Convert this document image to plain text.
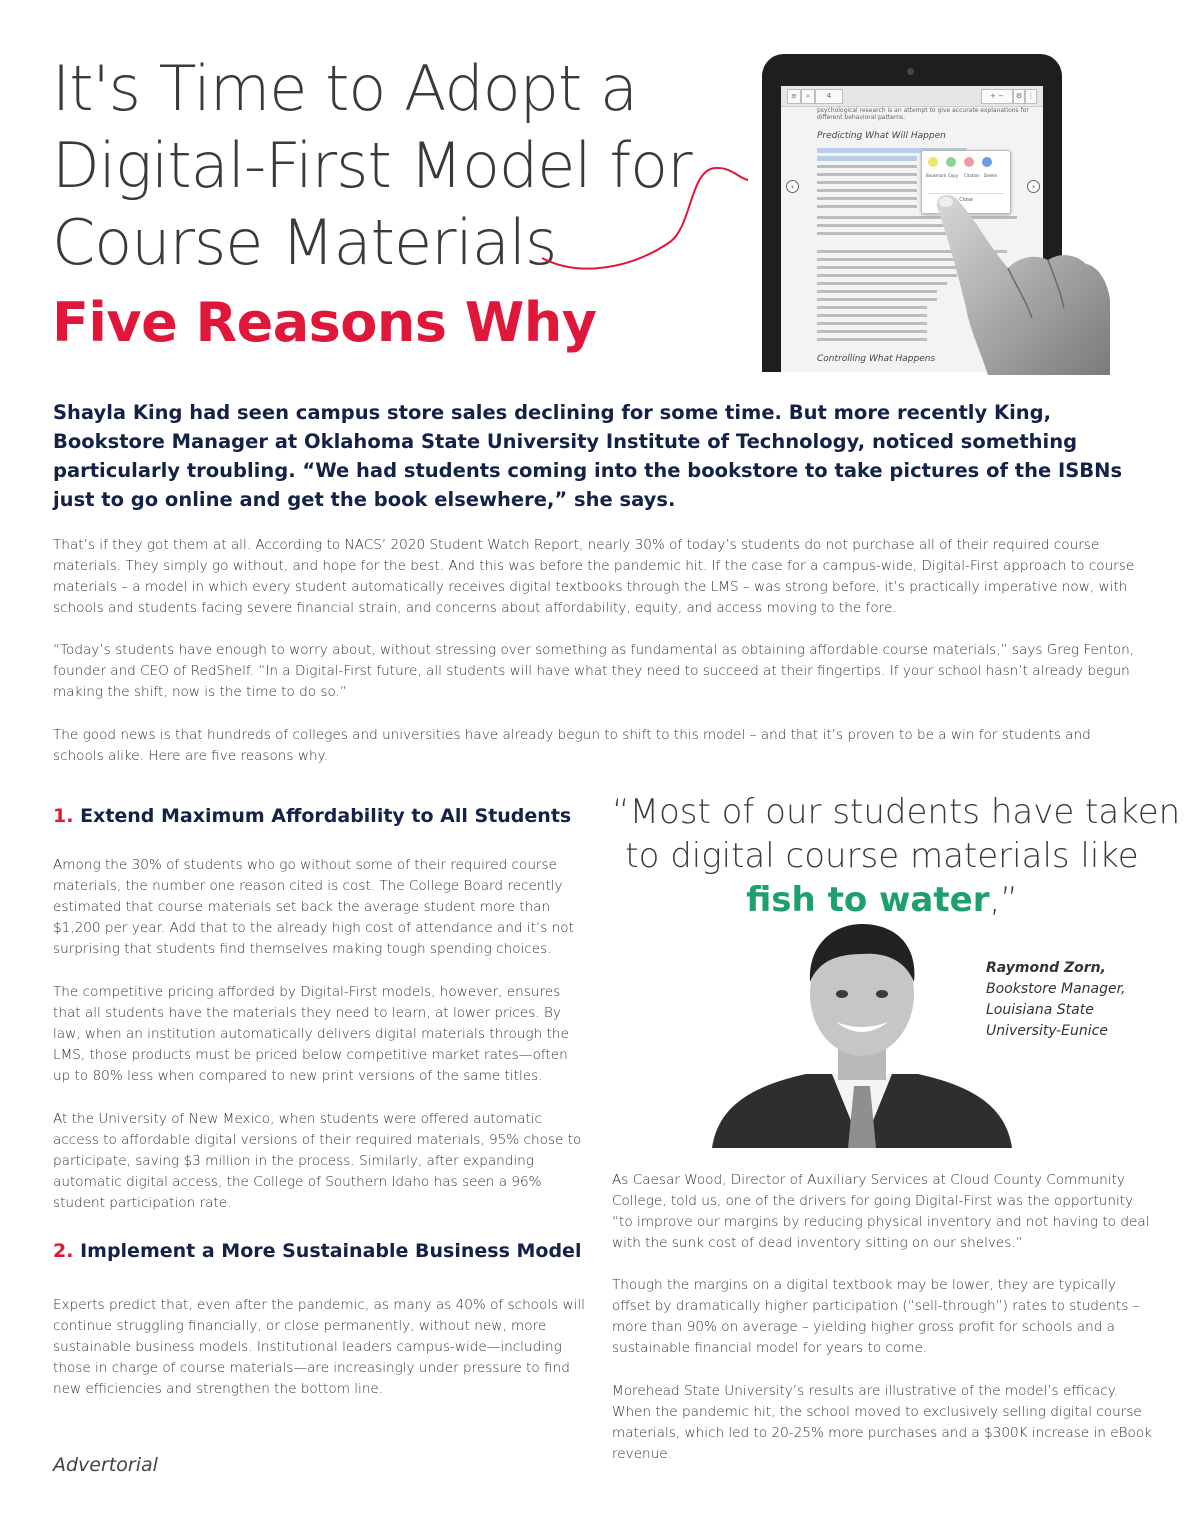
It's Time to Adopt a
Digital-First Model for
Course Materials
Five Reasons Why
≡	⌕	4	+ −	⚙ ⋮
psychological research is an attempt to give accurate explanations for
different behavioral patterns.
Predicting What Will Happen
Controlling What Happens
‹	›
Bookmark Copy Citation Delete
Close

Shayla King had seen campus store sales declining for some time. But more recently King, Bookstore Manager at Oklahoma State University Institute of Technology, noticed something particularly troubling. “We had students coming into the bookstore to take pictures of the ISBNs just to go online and get the book elsewhere,” she says.

That’s if they got them at all. According to NACS’ 2020 Student Watch Report, nearly 30% of today’s students do not purchase all of their required course materials. They simply go without, and hope for the best. And this was before the pandemic hit. If the case for a campus-wide, Digital-First approach to course materials – a model in which every student automatically receives digital textbooks through the LMS – was strong before, it’s practically imperative now, with schools and students facing severe financial strain, and concerns about affordability, equity, and access moving to the fore.

“Today’s students have enough to worry about, without stressing over something as fundamental as obtaining affordable course materials,” says Greg Fenton, founder and CEO of RedShelf. “In a Digital-First future, all students will have what they need to succeed at their fingertips. If your school hasn’t already begun making the shift, now is the time to do so.”

The good news is that hundreds of colleges and universities have already begun to shift to this model – and that it’s proven to be a win for students and schools alike. Here are five reasons why.

1. Extend Maximum Affordability to All Students

Among the 30% of students who go without some of their required course materials, the number one reason cited is cost. The College Board recently estimated that course materials set back the average student more than $1,200 per year. Add that to the already high cost of attendance and it’s not surprising that students find themselves making tough spending choices.

The competitive pricing afforded by Digital-First models, however, ensures that all students have the materials they need to learn, at lower prices. By law, when an institution automatically delivers digital materials through the LMS, those products must be priced below competitive market rates—often up to 80% less when compared to new print versions of the same titles.

At the University of New Mexico, when students were offered automatic access to affordable digital versions of their required materials, 95% chose to participate, saving $3 million in the process. Similarly, after expanding automatic digital access, the College of Southern Idaho has seen a 96% student participation rate.

2. Implement a More Sustainable Business Model

Experts predict that, even after the pandemic, as many as 40% of schools will continue struggling financially, or close permanently, without new, more sustainable business models. Institutional leaders campus-wide—including those in charge of course materials—are increasingly under pressure to find new efficiencies and strengthen the bottom line.

“Most of our students have taken
to digital course materials like
fish to water,”

Raymond Zorn,
Bookstore Manager,
Louisiana State
University-Eunice

As Caesar Wood, Director of Auxiliary Services at Cloud County Community College, told us, one of the drivers for going Digital-First was the opportunity “to improve our margins by reducing physical inventory and not having to deal with the sunk cost of dead inventory sitting on our shelves.”

Though the margins on a digital textbook may be lower, they are typically offset by dramatically higher participation (“sell-through”) rates to students – more than 90% on average – yielding higher gross profit for schools and a sustainable financial model for years to come.

Morehead State University’s results are illustrative of the model’s efficacy. When the pandemic hit, the school moved to exclusively selling digital course materials, which led to 20-25% more purchases and a $300K increase in eBook revenue.

Advertorial
